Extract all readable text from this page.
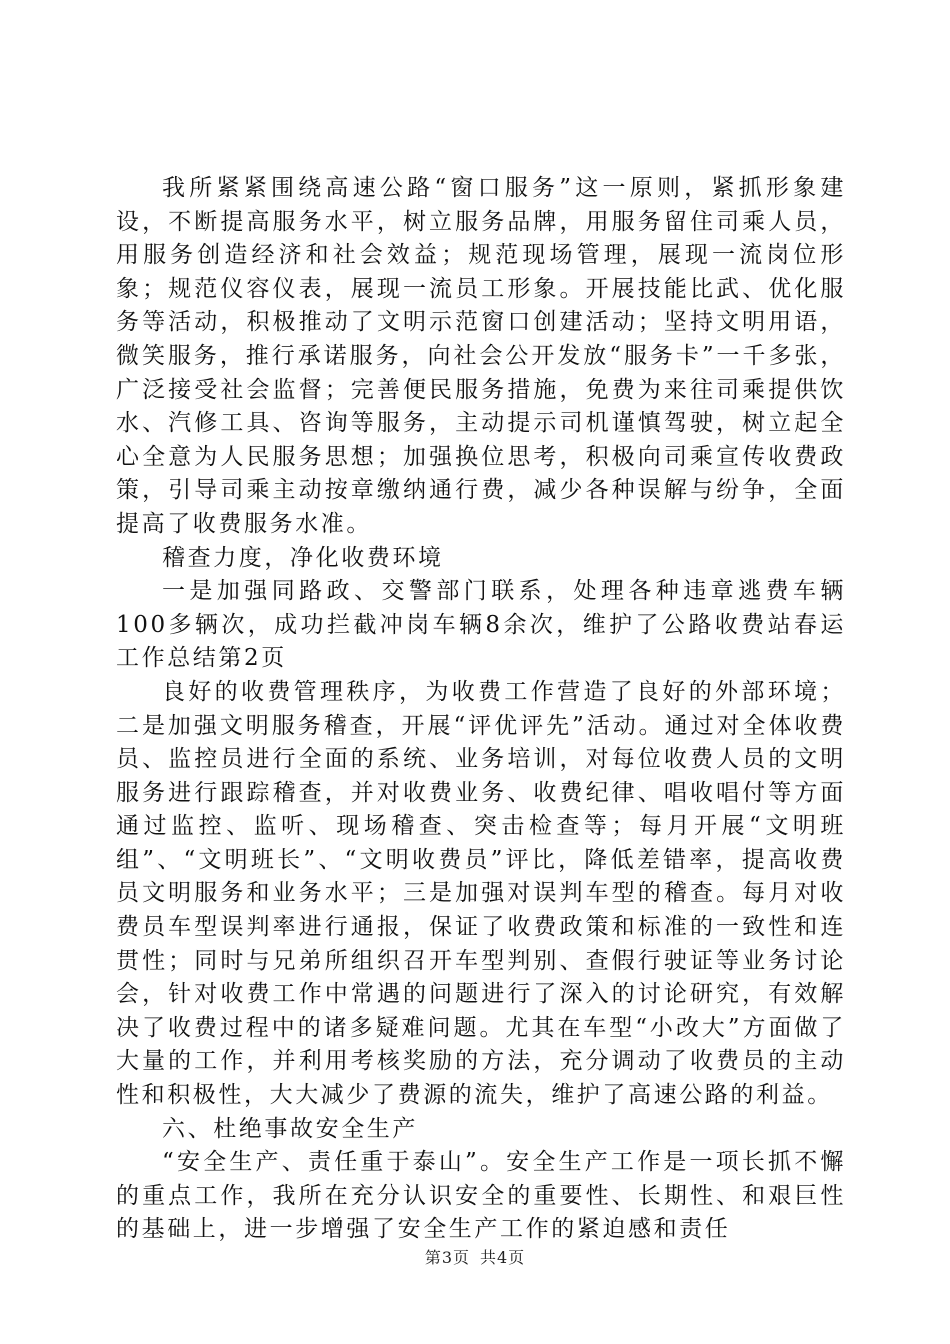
我所紧紧围绕高速公路“窗口服务”这一原则，紧抓形象建设，不断提高服务水平，树立服务品牌，用服务留住司乘人员，用服务创造经济和社会效益；规范现场管理，展现一流岗位形象；规范仪容仪表，展现一流员工形象。开展技能比武、优化服务等活动，积极推动了文明示范窗口创建活动；坚持文明用语，微笑服务，推行承诺服务，向社会公开发放“服务卡”一千多张，广泛接受社会监督；完善便民服务措施，免费为来往司乘提供饮水、汽修工具、咨询等服务，主动提示司机谨慎驾驶，树立起全心全意为人民服务思想；加强换位思考，积极向司乘宣传收费政策，引导司乘主动按章缴纳通行费，减少各种误解与纷争，全面提高了收费服务水准。

稽查力度，净化收费环境

一是加强同路政、交警部门联系，处理各种违章逃费车辆100多辆次，成功拦截冲岗车辆8余次，维护了公路收费站春运工作总结第2页

良好的收费管理秩序，为收费工作营造了良好的外部环境；二是加强文明服务稽查，开展“评优评先”活动。通过对全体收费员、监控员进行全面的系统、业务培训，对每位收费人员的文明服务进行跟踪稽查，并对收费业务、收费纪律、唱收唱付等方面通过监控、监听、现场稽查、突击检查等；每月开展“文明班组”、“文明班长”、“文明收费员”评比，降低差错率，提高收费员文明服务和业务水平；三是加强对误判车型的稽查。每月对收费员车型误判率进行通报，保证了收费政策和标准的一致性和连贯性；同时与兄弟所组织召开车型判别、查假行驶证等业务讨论会，针对收费工作中常遇的问题进行了深入的讨论研究，有效解决了收费过程中的诸多疑难问题。尤其在车型“小改大”方面做了大量的工作，并利用考核奖励的方法，充分调动了收费员的主动性和积极性，大大减少了费源的流失，维护了高速公路的利益。

六、杜绝事故安全生产

“安全生产、责任重于泰山”。安全生产工作是一项长抓不懈的重点工作，我所在充分认识安全的重要性、长期性、和艰巨性的基础上，进一步增强了安全生产工作的紧迫感和责任

第3页 共4页
